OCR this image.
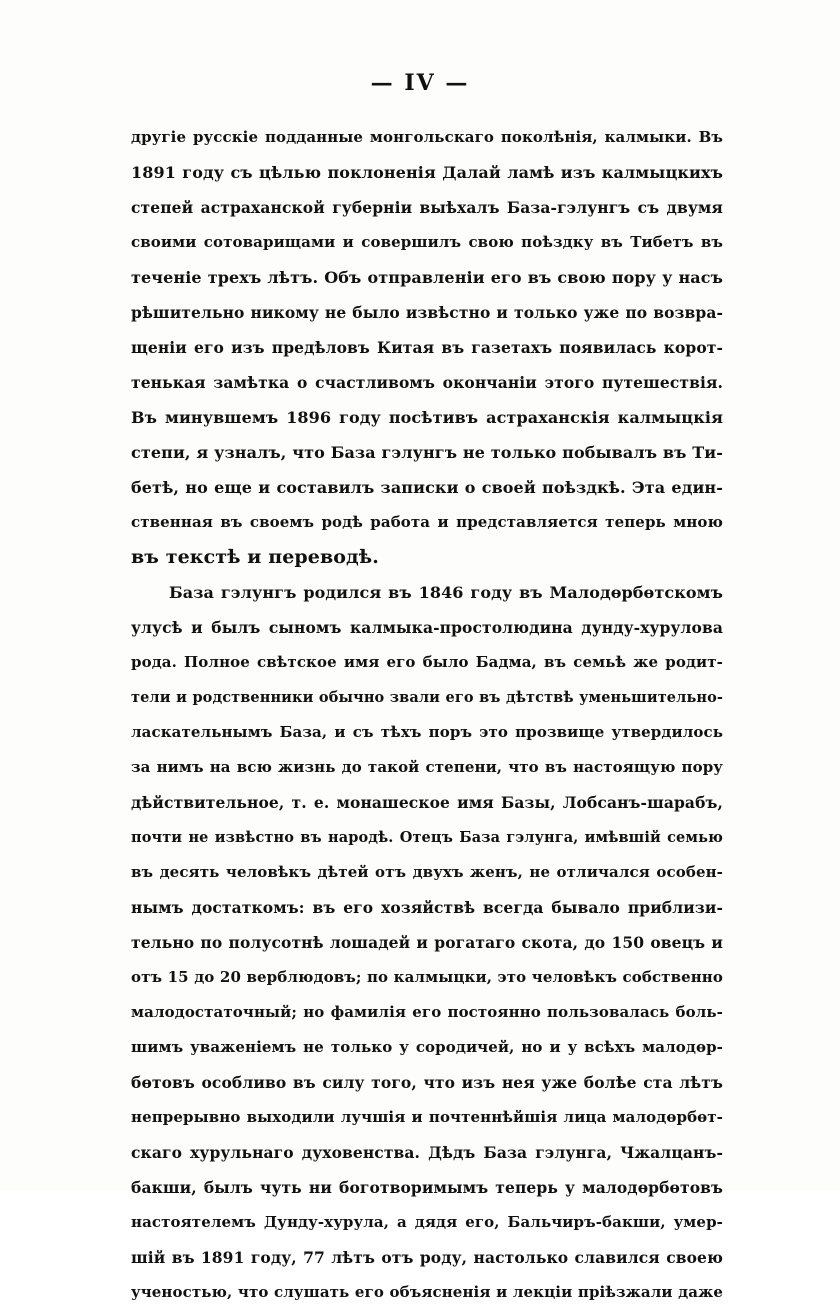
— IV —
другіе русскіе подданные монгольскаго поколѣнія, калмыки. Въ
1891 году съ цѣлью поклоненія Далай ламѣ изъ калмыцкихъ
степей астраханской губерніи выѣхалъ База-гэлунгъ съ двумя
своими сотоварищами и совершилъ свою поѣздку въ Тибетъ въ
теченіе трехъ лѣтъ. Объ отправленіи его въ свою пору у насъ
рѣшительно никому не было извѣстно и только уже по возвра-
щеніи его изъ предѣловъ Китая въ газетахъ появилась корот-
тенькая замѣтка о счастливомъ окончаніи этого путешествія.
Въ минувшемъ 1896 году посѣтивъ астраханскія калмыцкія
степи, я узналъ, что База гэлунгъ не только побывалъ въ Ти-
бетѣ, но еще и составилъ записки о своей поѣздкѣ. Эта един-
ственная въ своемъ родѣ работа и представляется теперь мною
въ текстѣ и переводѣ.
База гэлунгъ родился въ 1846 году въ Малодөрбөтскомъ
улусѣ и былъ сыномъ калмыка-простолюдина дунду-хурулова
рода. Полное свѣтское имя его было Бадма, въ семьѣ же родит-
тели и родственники обычно звали его въ дѣтствѣ уменьшительно-
ласкательнымъ База, и съ тѣхъ поръ это прозвище утвердилось
за нимъ на всю жизнь до такой степени, что въ настоящую пору
дѣйствительное, т. е. монашеское имя Базы, Лобсанъ-шарабъ,
почти не извѣстно въ народѣ. Отецъ База гэлунга, имѣвшій семью
въ десять человѣкъ дѣтей отъ двухъ женъ, не отличался особен-
нымъ достаткомъ: въ его хозяйствѣ всегда бывало приблизи-
тельно по полусотнѣ лошадей и рогатаго скота, до 150 овецъ и
отъ 15 до 20 верблюдовъ; по калмыцки, это человѣкъ собственно
малодостаточный; но фамилія его постоянно пользовалась боль-
шимъ уваженіемъ не только у сородичей, но и у всѣхъ малодөр-
бөтовъ особливо въ силу того, что изъ нея уже болѣе ста лѣтъ
непрерывно выходили лучшія и почтеннѣйшія лица малодөрбөт-
скаго хурульнаго духовенства. Дѣдъ База гэлунга, Чжалцанъ-
бакши, былъ чуть ни боготворимымъ теперь у малодөрбөтовъ
настоятелемъ Дунду-хурула, а дядя его, Бальчиръ-бакши, умер-
шій въ 1891 году, 77 лѣтъ отъ роду, настолько славился своею
ученостью, что слушать его объясненія и лекціи пріѣзжали даже
